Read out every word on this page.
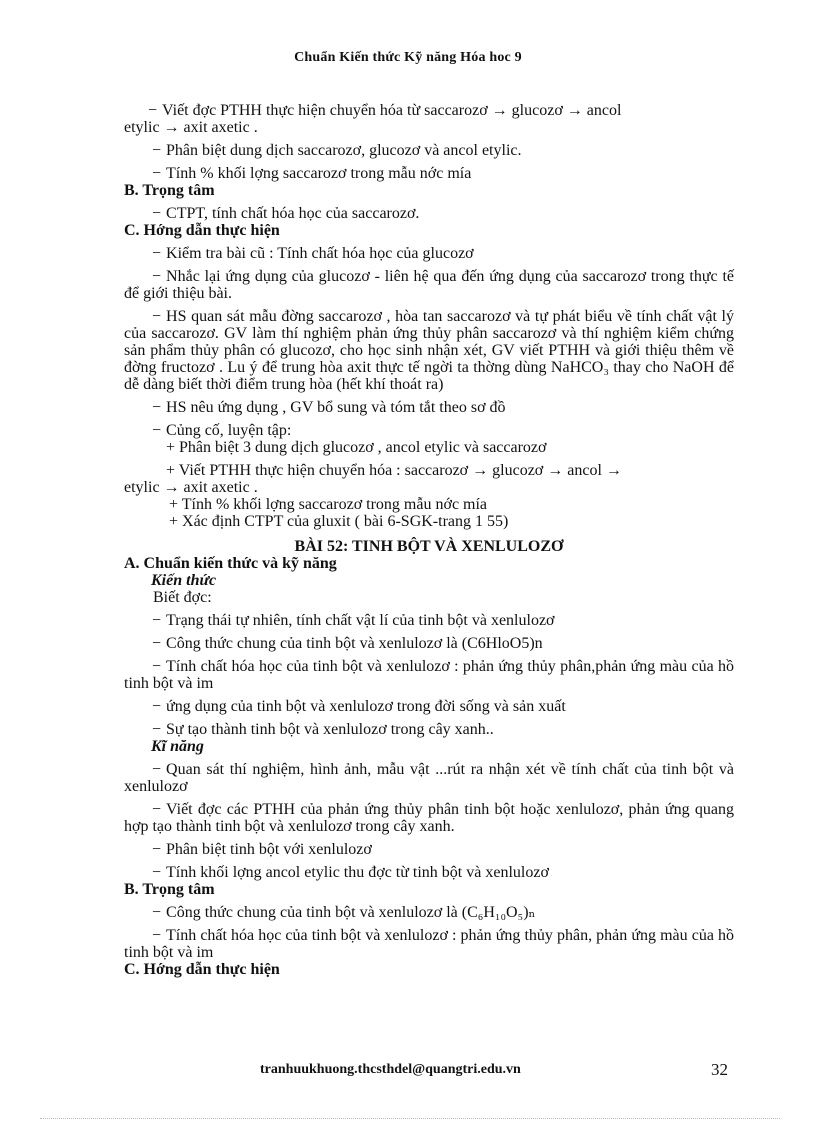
Chuẩn Kiến thức Kỹ năng Hóa hoc 9
− Viết đợc PTHH thực hiện chuyển hóa từ saccarozơ → glucozơ → ancol
etylic → axit axetic .
− Phân biệt dung dịch saccarozơ, glucozơ và ancol etylic.
− Tính % khối lợng saccarozơ trong mẫu nớc mía
B. Trọng tâm
− CTPT, tính chất hóa học của saccarozơ.
C. Hớng dẫn thực hiện
− Kiểm tra bài cũ : Tính chất hóa học của glucozơ
− Nhắc lại ứng dụng của glucozơ - liên hệ qua đến ứng dụng của saccarozơ trong thực tế để giới thiệu bài.
− HS quan sát mẫu đờng saccarozơ , hòa tan saccarozơ và tự phát biểu về tính chất vật lý của saccarozơ. GV làm thí nghiệm phản ứng thủy phân saccarozơ và thí nghiệm kiểm chứng sản phẩm thủy phân có glucozơ, cho học sinh nhận xét, GV viết PTHH và giới thiệu thêm về đờng fructozơ . Lu ý để trung hòa axit thực tế ngời ta thờng dùng NaHCO₃ thay cho NaOH để dễ dàng biết thời điểm trung hòa (hết khí thoát ra)
− HS nêu ứng dụng , GV bổ sung và tóm tắt theo sơ đồ
− Củng cố, luyện tập:
+ Phân biệt 3 dung dịch glucozơ , ancol etylic và saccarozơ
+ Viết PTHH thực hiện chuyển hóa : saccarozơ → glucozơ → ancol →
etylic → axit axetic .
+ Tính % khối lợng saccarozơ trong mẫu nớc mía
+ Xác định CTPT của gluxit ( bài 6-SGK-trang 1 55)
BÀI 52: TINH BỘT VÀ XENLULOZƠ
A. Chuẩn kiến thức và kỹ năng
Kiến thức
Biết đợc:
− Trạng thái tự nhiên, tính chất vật lí của tinh bột và xenlulozơ
− Công thức chung của tinh bột và xenlulozơ là (C6HloO5)n
− Tính chất hóa học của tinh bột và xenlulozơ : phản ứng thủy phân,phản ứng màu của hồ tinh bột và im
− ứng dụng của tinh bột và xenlulozơ trong đời sống và sản xuất
− Sự tạo thành tinh bột và xenlulozơ trong cây xanh..
Kĩ năng
− Quan sát thí nghiệm, hình ảnh, mẫu vật ...rút ra nhận xét về tính chất của tinh bột và xenlulozơ
− Viết đợc các PTHH của phản ứng thủy phân tinh bột hoặc xenlulozơ, phản ứng quang hợp tạo thành tinh bột và xenlulozơ trong cây xanh.
− Phân biệt tinh bột với xenlulozơ
− Tính khối lợng ancol etylic thu đợc từ tinh bột và xenlulozơ
B. Trọng tâm
− Công thức chung của tinh bột và xenlulozơ là (C₆H₁₀O₅)ₙ
− Tính chất hóa học của tinh bột và xenlulozơ : phản ứng thủy phân, phản ứng màu của hồ tinh bột và im
C. Hớng dẫn thực hiện
tranhuukhuong.thcsthdel@quangtri.edu.vn	32
